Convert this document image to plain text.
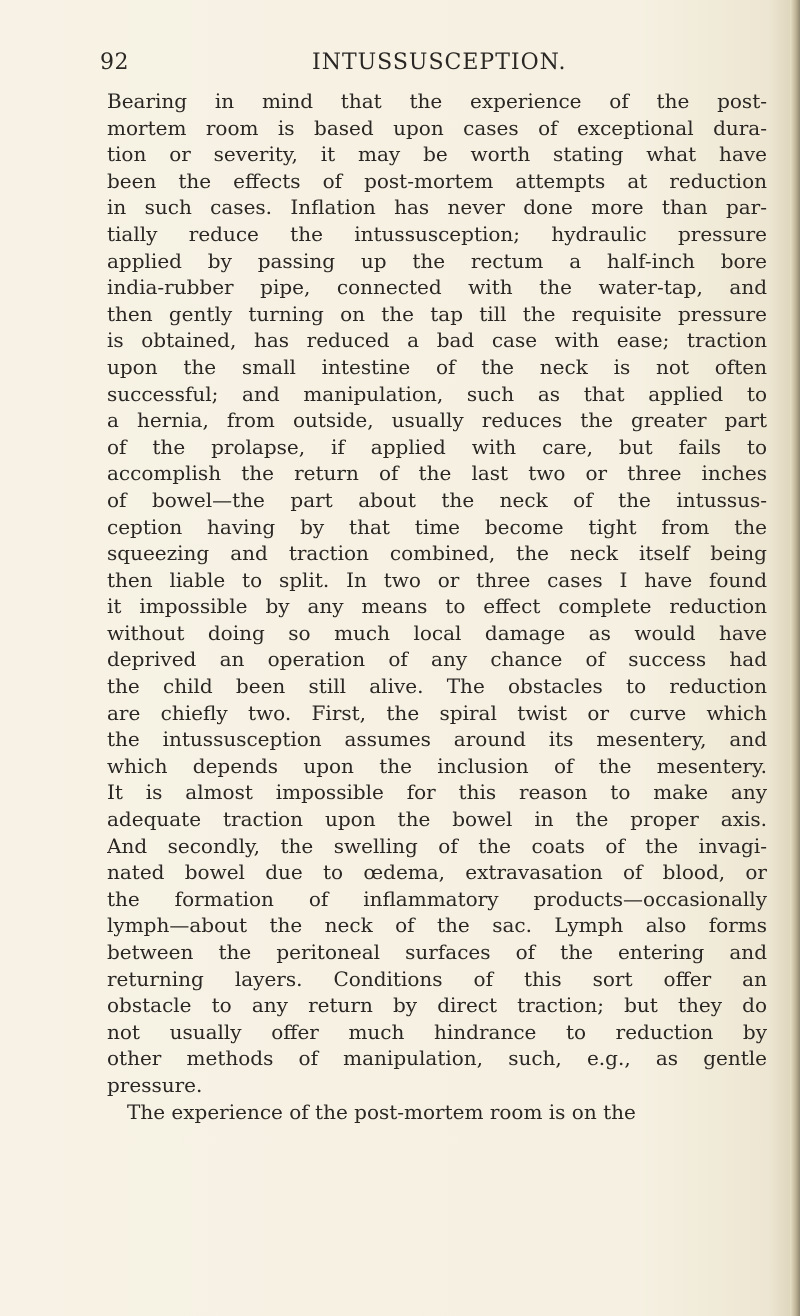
92	INTUSSUSCEPTION.
Bearing in mind that the experience of the post-
mortem room is based upon cases of exceptional dura-
tion or severity, it may be worth stating what have
been the effects of post-mortem attempts at reduction
in such cases. Inflation has never done more than par-
tially reduce the intussusception; hydraulic pressure
applied by passing up the rectum a half-inch bore
india-rubber pipe, connected with the water-tap, and
then gently turning on the tap till the requisite pressure
is obtained, has reduced a bad case with ease; traction
upon the small intestine of the neck is not often
successful; and manipulation, such as that applied to
a hernia, from outside, usually reduces the greater part
of the prolapse, if applied with care, but fails to
accomplish the return of the last two or three inches
of bowel—the part about the neck of the intussus-
ception having by that time become tight from the
squeezing and traction combined, the neck itself being
then liable to split. In two or three cases I have found
it impossible by any means to effect complete reduction
without doing so much local damage as would have
deprived an operation of any chance of success had
the child been still alive. The obstacles to reduction
are chiefly two. First, the spiral twist or curve which
the intussusception assumes around its mesentery, and
which depends upon the inclusion of the mesentery.
It is almost impossible for this reason to make any
adequate traction upon the bowel in the proper axis.
And secondly, the swelling of the coats of the invagi-
nated bowel due to œdema, extravasation of blood, or
the formation of inflammatory products—occasionally
lymph—about the neck of the sac. Lymph also forms
between the peritoneal surfaces of the entering and
returning layers. Conditions of this sort offer an
obstacle to any return by direct traction; but they do
not usually offer much hindrance to reduction by
other methods of manipulation, such, e.g., as gentle
pressure.
The experience of the post-mortem room is on the
